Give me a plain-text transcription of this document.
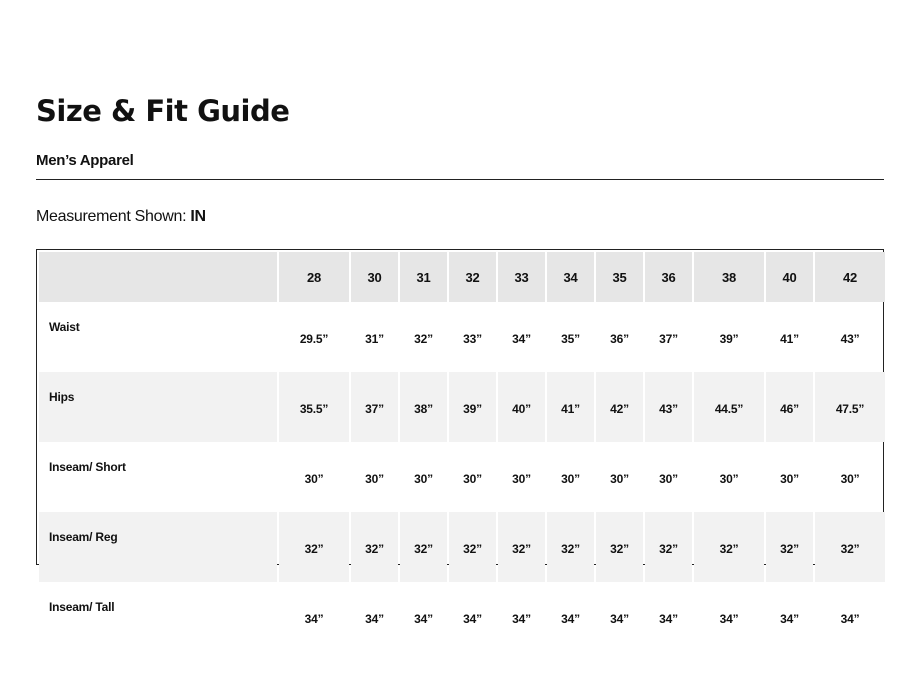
Size & Fit Guide
Men’s Apparel
Measurement Shown: IN
	28	30	31	32	33	34	35	36	38	40	42
Waist	29.5”	31”	32”	33”	34”	35”	36”	37”	39”	41”	43”
Hips	35.5”	37”	38”	39”	40”	41”	42”	43”	44.5”	46”	47.5”
Inseam/ Short	30”	30”	30”	30”	30”	30”	30”	30”	30”	30”	30”
Inseam/ Reg	32”	32”	32”	32”	32”	32”	32”	32”	32”	32”	32”
Inseam/ Tall	34”	34”	34”	34”	34”	34”	34”	34”	34”	34”	34”
